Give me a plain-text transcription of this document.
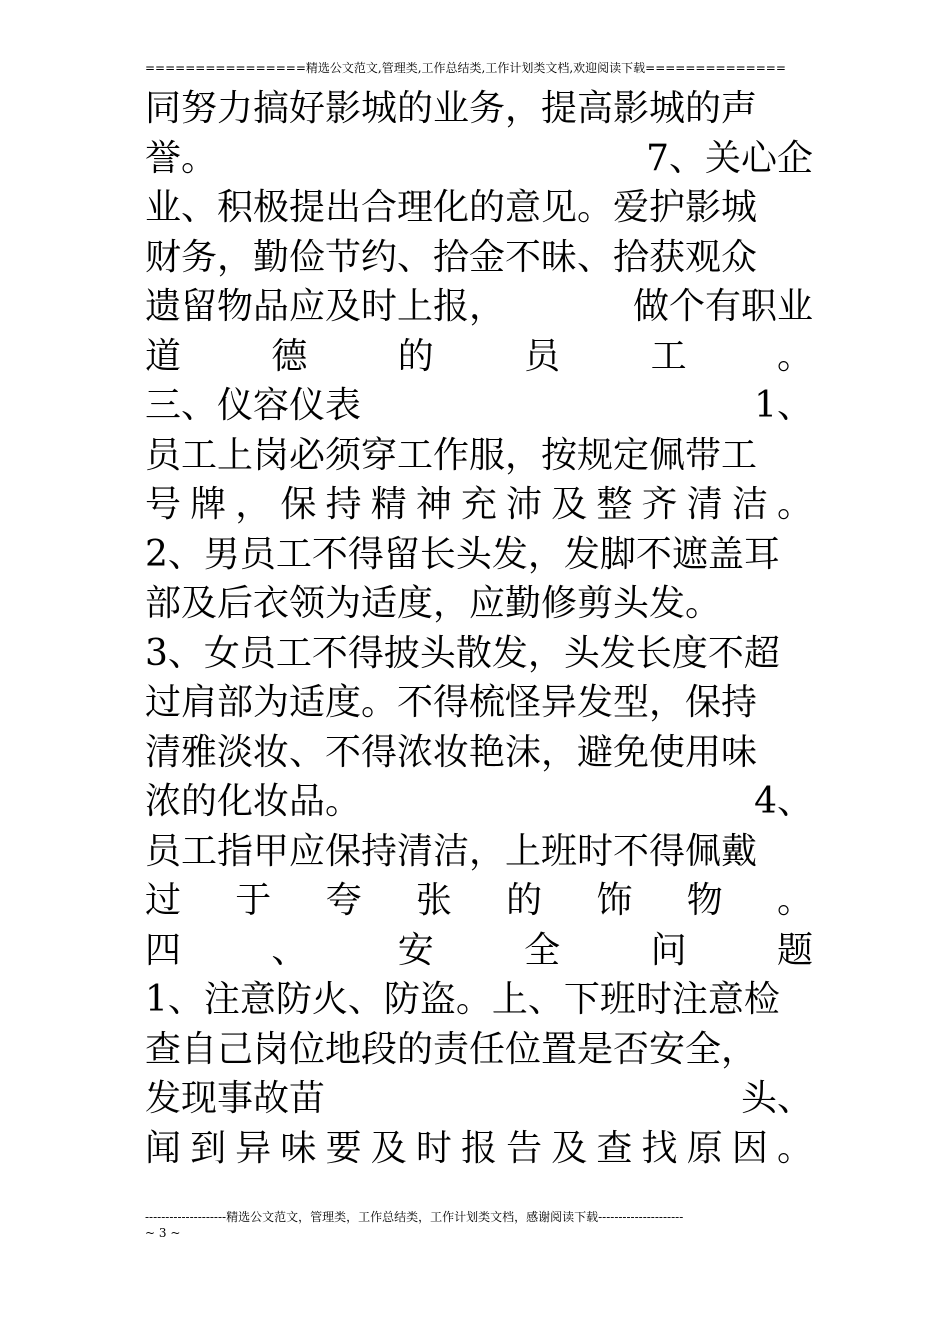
================精选公文范文,管理类,工作总结类,工作计划类文档,欢迎阅读下载==============
同努力搞好影城的业务，提高影城的声
誉。	7、关心企
业、积极提出合理化的意见。爱护影城
财务，勤俭节约、拾金不昧、拾获观众
遗留物品应及时上报，	做个有职业
道	德	的	员	工	。
三、仪容仪表	1、
员工上岗必须穿工作服，按规定佩带工
号 牌 ， 保 持 精 神 充 沛 及 整 齐 清 洁 。
2、男员工不得留长头发，发脚不遮盖耳
部及后衣领为适度，应勤修剪头发。
3、女员工不得披头散发，头发长度不超
过肩部为适度。不得梳怪异发型，保持
清雅淡妆、不得浓妆艳沫，避免使用味
浓的化妆品。	4、
员工指甲应保持清洁，上班时不得佩戴
过 于 夸 张 的 饰 物 。
四	、	安	全	问	题
1、注意防火、防盗。上、下班时注意检
查自己岗位地段的责任位置是否安全，
发现事故苗	头、
闻 到 异 味 要 及 时 报 告 及 查 找 原 因 。
--------------------精选公文范文，管理类，工作总结类，工作计划类文档，感谢阅读下载---------------------
~ 3 ~
